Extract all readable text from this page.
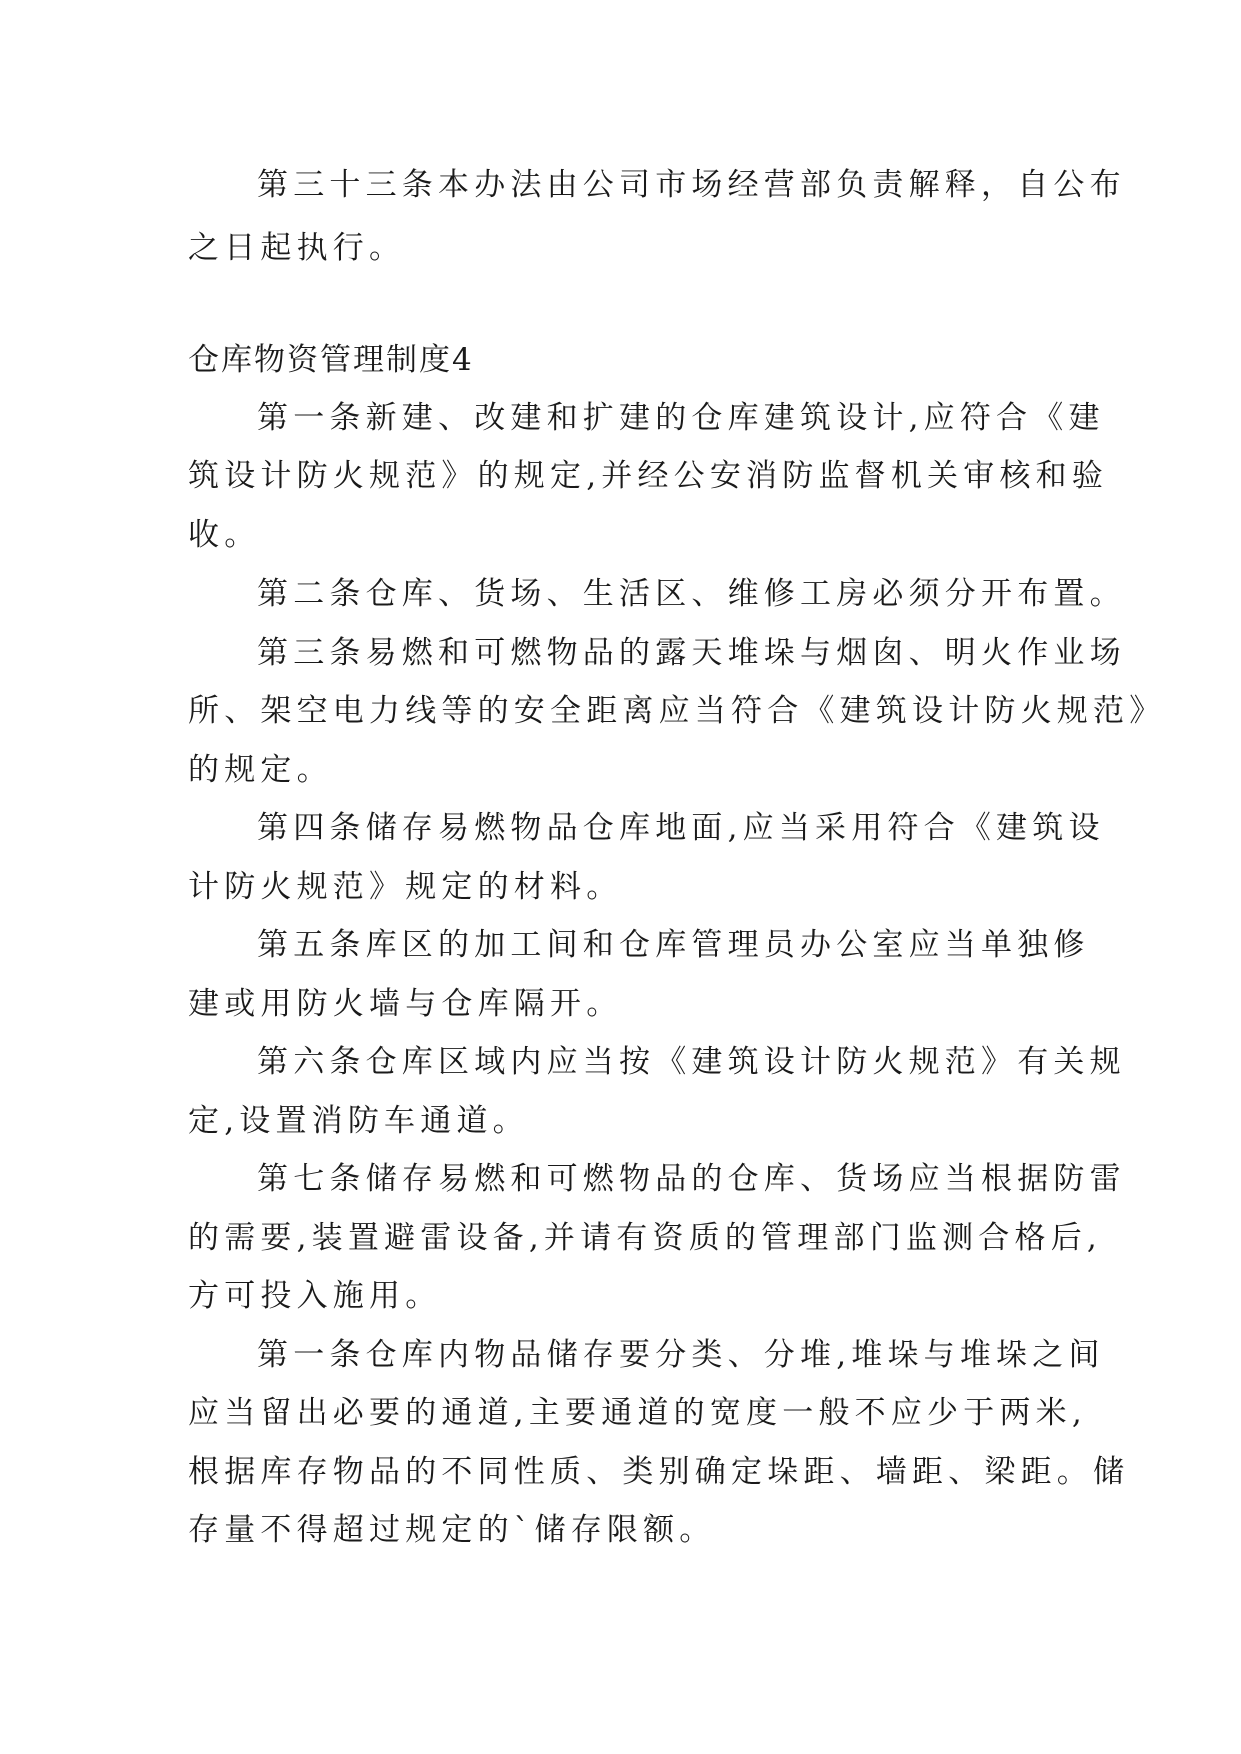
第三十三条本办法由公司市场经营部负责解释，自公布
之日起执行。
仓库物资管理制度4
第一条新建、改建和扩建的仓库建筑设计,应符合《建
筑设计防火规范》的规定,并经公安消防监督机关审核和验
收。
第二条仓库、货场、生活区、维修工房必须分开布置。
第三条易燃和可燃物品的露天堆垛与烟囱、明火作业场
所、架空电力线等的安全距离应当符合《建筑设计防火规范》
的规定。
第四条储存易燃物品仓库地面,应当采用符合《建筑设
计防火规范》规定的材料。
第五条库区的加工间和仓库管理员办公室应当单独修
建或用防火墙与仓库隔开。
第六条仓库区域内应当按《建筑设计防火规范》有关规
定,设置消防车通道。
第七条储存易燃和可燃物品的仓库、货场应当根据防雷
的需要,装置避雷设备,并请有资质的管理部门监测合格后,
方可投入施用。
第一条仓库内物品储存要分类、分堆,堆垛与堆垛之间
应当留出必要的通道,主要通道的宽度一般不应少于两米,
根据库存物品的不同性质、类别确定垛距、墙距、梁距。储
存量不得超过规定的`储存限额。
